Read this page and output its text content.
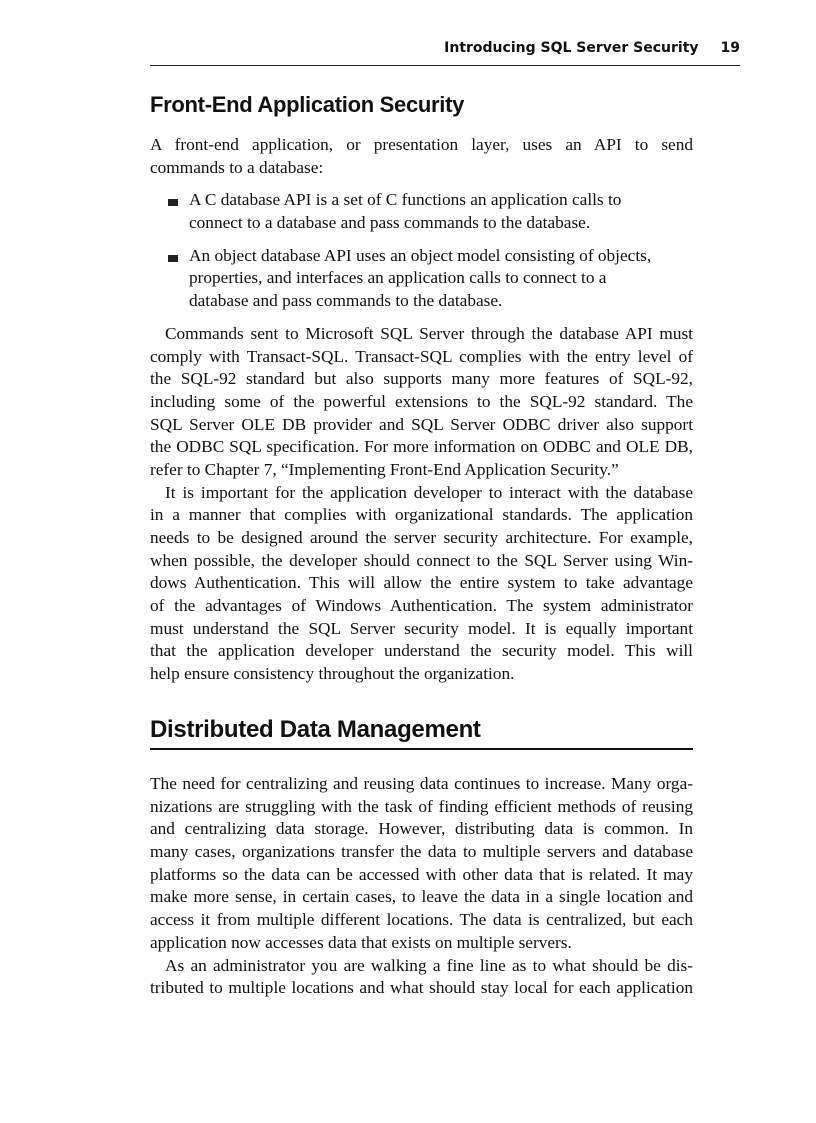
Introducing SQL Server Security 19
Front-End Application Security
A front-end application, or presentation layer, uses an API to send
commands to a database:
A C database API is a set of C functions an application calls to
connect to a database and pass commands to the database.
An object database API uses an object model consisting of objects,
properties, and interfaces an application calls to connect to a
database and pass commands to the database.
Commands sent to Microsoft SQL Server through the database API must
comply with Transact-SQL. Transact-SQL complies with the entry level of
the SQL-92 standard but also supports many more features of SQL-92,
including some of the powerful extensions to the SQL-92 standard. The
SQL Server OLE DB provider and SQL Server ODBC driver also support
the ODBC SQL specification. For more information on ODBC and OLE DB,
refer to Chapter 7, “Implementing Front-End Application Security.”
It is important for the application developer to interact with the database
in a manner that complies with organizational standards. The application
needs to be designed around the server security architecture. For example,
when possible, the developer should connect to the SQL Server using Win-
dows Authentication. This will allow the entire system to take advantage
of the advantages of Windows Authentication. The system administrator
must understand the SQL Server security model. It is equally important
that the application developer understand the security model. This will
help ensure consistency throughout the organization.
Distributed Data Management
The need for centralizing and reusing data continues to increase. Many orga-
nizations are struggling with the task of finding efficient methods of reusing
and centralizing data storage. However, distributing data is common. In
many cases, organizations transfer the data to multiple servers and database
platforms so the data can be accessed with other data that is related. It may
make more sense, in certain cases, to leave the data in a single location and
access it from multiple different locations. The data is centralized, but each
application now accesses data that exists on multiple servers.
As an administrator you are walking a fine line as to what should be dis-
tributed to multiple locations and what should stay local for each application
